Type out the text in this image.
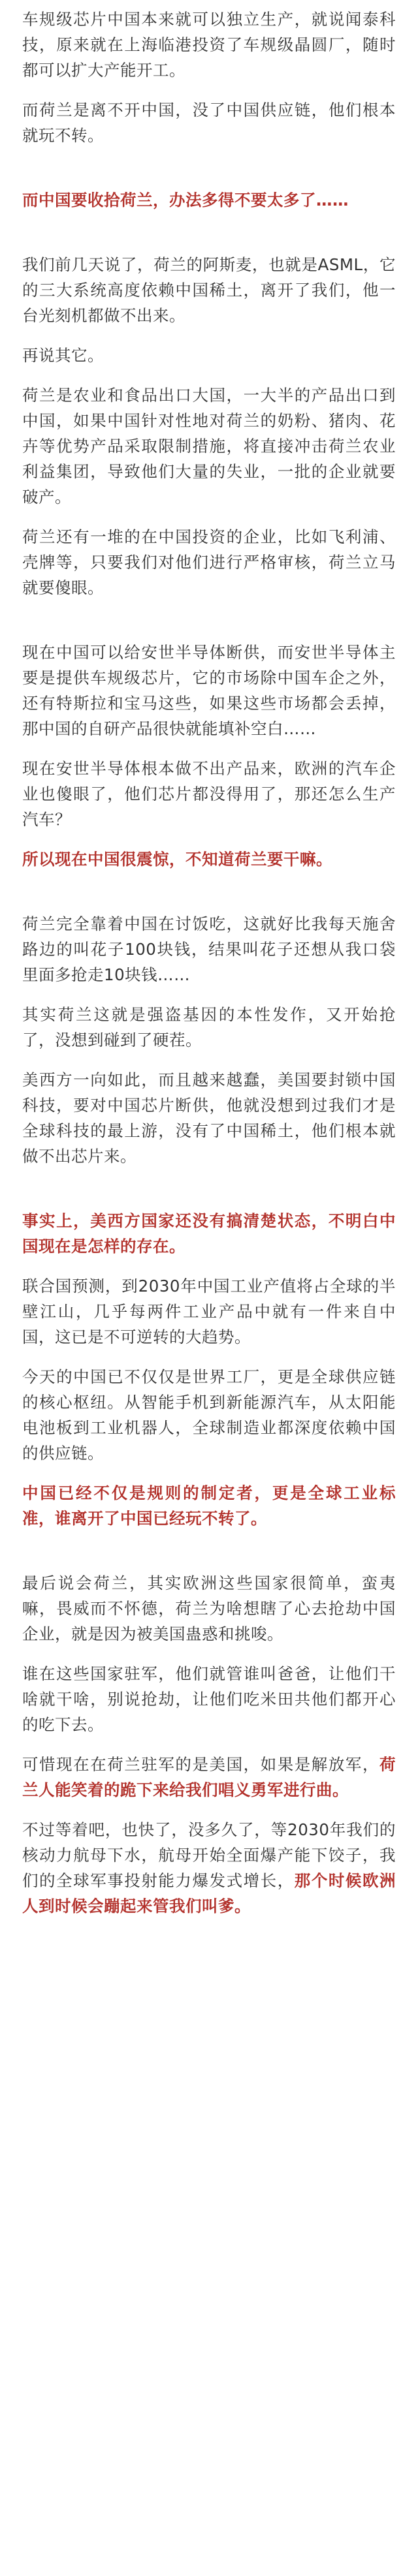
车规级芯片中国本来就可以独立生产，就说闻泰科技，原来就在上海临港投资了车规级晶圆厂，随时都可以扩大产能开工。

而荷兰是离不开中国，没了中国供应链，他们根本就玩不转。

而中国要收拾荷兰，办法多得不要太多了……

我们前几天说了，荷兰的阿斯麦，也就是ASML，它的三大系统高度依赖中国稀土，离开了我们，他一台光刻机都做不出来。

再说其它。

荷兰是农业和食品出口大国，一大半的产品出口到中国，如果中国针对性地对荷兰的奶粉、猪肉、花卉等优势产品采取限制措施，将直接冲击荷兰农业利益集团，导致他们大量的失业，一批的企业就要破产。

荷兰还有一堆的在中国投资的企业，比如飞利浦、壳牌等，只要我们对他们进行严格审核，荷兰立马就要傻眼。

现在中国可以给安世半导体断供，而安世半导体主要是提供车规级芯片，它的市场除中国车企之外，还有特斯拉和宝马这些，如果这些市场都会丢掉，那中国的自研产品很快就能填补空白……

现在安世半导体根本做不出产品来，欧洲的汽车企业也傻眼了，他们芯片都没得用了，那还怎么生产汽车？

所以现在中国很震惊，不知道荷兰要干嘛。

荷兰完全靠着中国在讨饭吃，这就好比我每天施舍路边的叫花子100块钱，结果叫花子还想从我口袋里面多抢走10块钱……

其实荷兰这就是强盗基因的本性发作，又开始抢了，没想到碰到了硬茬。

美西方一向如此，而且越来越蠢，美国要封锁中国科技，要对中国芯片断供，他就没想到过我们才是全球科技的最上游，没有了中国稀土，他们根本就做不出芯片来。

事实上，美西方国家还没有搞清楚状态，不明白中国现在是怎样的存在。

联合国预测，到2030年中国工业产值将占全球的半壁江山，几乎每两件工业产品中就有一件来自中国，这已是不可逆转的大趋势。

今天的中国已不仅仅是世界工厂，更是全球供应链的核心枢纽。从智能手机到新能源汽车，从太阳能电池板到工业机器人，全球制造业都深度依赖中国的供应链。

中国已经不仅是规则的制定者，更是全球工业标准，谁离开了中国已经玩不转了。

最后说会荷兰，其实欧洲这些国家很简单，蛮夷嘛，畏威而不怀德，荷兰为啥想瞎了心去抢劫中国企业，就是因为被美国蛊惑和挑唆。

谁在这些国家驻军，他们就管谁叫爸爸，让他们干啥就干啥，别说抢劫，让他们吃米田共他们都开心的吃下去。

可惜现在在荷兰驻军的是美国，如果是解放军，荷兰人能笑着的跪下来给我们唱义勇军进行曲。

不过等着吧，也快了，没多久了，等2030年我们的核动力航母下水，航母开始全面爆产能下饺子，我们的全球军事投射能力爆发式增长，那个时候欧洲人到时候会蹦起来管我们叫爹。
